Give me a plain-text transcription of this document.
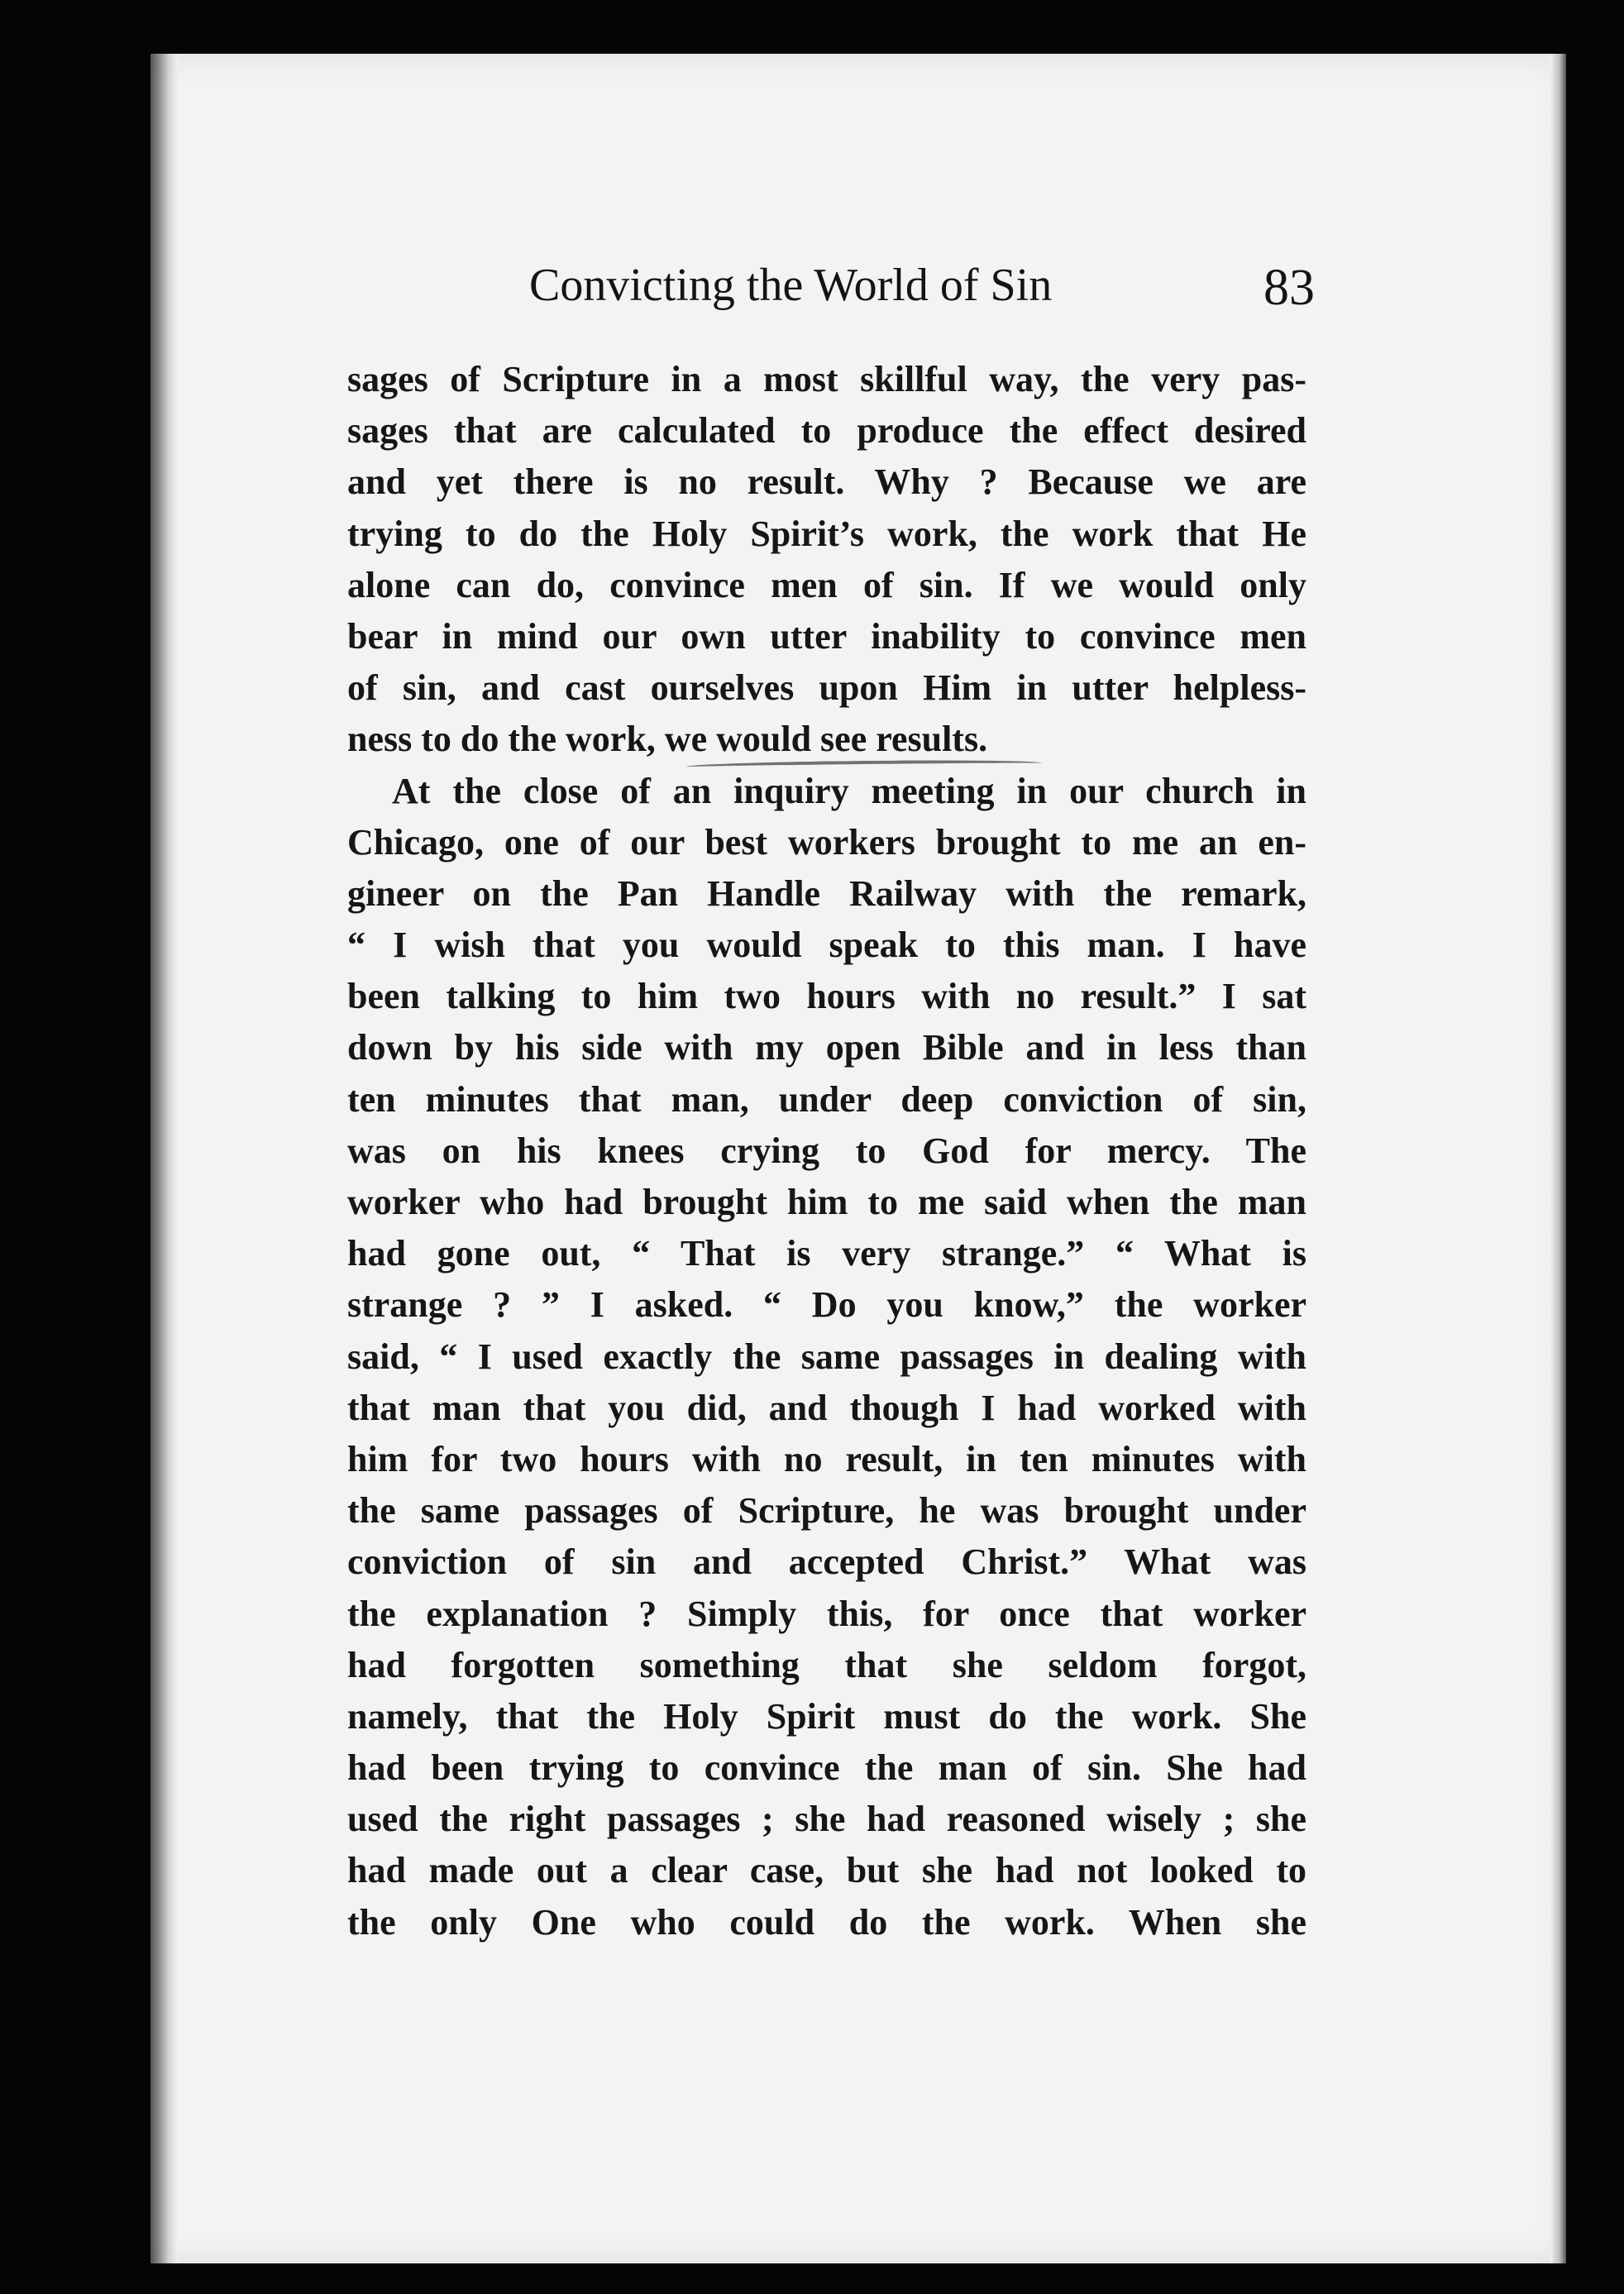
Convicting the World of Sin	83
sages of Scripture in a most skillful way, the very pas-
sages that are calculated to produce the effect desired
and yet there is no result. Why ? Because we are
trying to do the Holy Spirit’s work, the work that He
alone can do, convince men of sin. If we would only
bear in mind our own utter inability to convince men
of sin, and cast ourselves upon Him in utter helpless-
ness to do the work, we would see results.
At the close of an inquiry meeting in our church in
Chicago, one of our best workers brought to me an en-
gineer on the Pan Handle Railway with the remark,
“ I wish that you would speak to this man. I have
been talking to him two hours with no result.” I sat
down by his side with my open Bible and in less than
ten minutes that man, under deep conviction of sin,
was on his knees crying to God for mercy. The
worker who had brought him to me said when the man
had gone out, “ That is very strange.” “ What is
strange ? ” I asked. “ Do you know,” the worker
said, “ I used exactly the same passages in dealing with
that man that you did, and though I had worked with
him for two hours with no result, in ten minutes with
the same passages of Scripture, he was brought under
conviction of sin and accepted Christ.” What was
the explanation ? Simply this, for once that worker
had forgotten something that she seldom forgot,
namely, that the Holy Spirit must do the work. She
had been trying to convince the man of sin. She had
used the right passages ; she had reasoned wisely ; she
had made out a clear case, but she had not looked to
the only One who could do the work. When she
